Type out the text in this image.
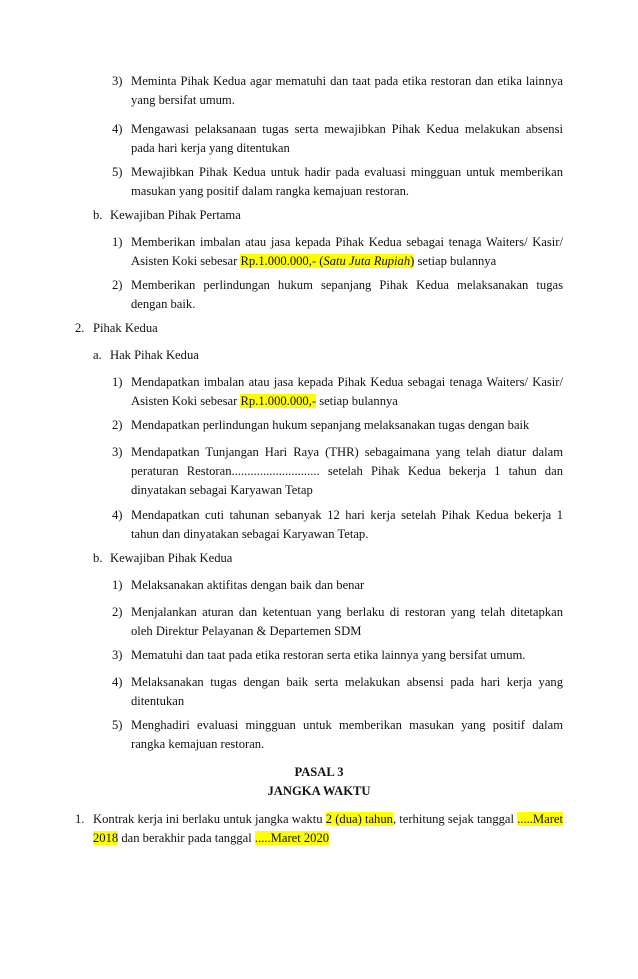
3) Meminta Pihak Kedua agar mematuhi dan taat pada etika restoran dan etika lainnya yang bersifat umum.
4) Mengawasi pelaksanaan tugas serta mewajibkan Pihak Kedua melakukan absensi pada hari kerja yang ditentukan
5) Mewajibkan Pihak Kedua untuk hadir pada evaluasi mingguan untuk memberikan masukan yang positif dalam rangka kemajuan restoran.
b. Kewajiban Pihak Pertama
1) Memberikan imbalan atau jasa kepada Pihak Kedua sebagai tenaga Waiters/ Kasir/ Asisten Koki sebesar Rp.1.000.000,- (Satu Juta Rupiah) setiap bulannya
2) Memberikan perlindungan hukum sepanjang Pihak Kedua melaksanakan tugas dengan baik.
2. Pihak Kedua
a. Hak Pihak Kedua
1) Mendapatkan imbalan atau jasa kepada Pihak Kedua sebagai tenaga Waiters/ Kasir/ Asisten Koki sebesar Rp.1.000.000,- setiap bulannya
2) Mendapatkan perlindungan hukum sepanjang melaksanakan tugas dengan baik
3) Mendapatkan Tunjangan Hari Raya (THR) sebagaimana yang telah diatur dalam peraturan Restoran............................ setelah Pihak Kedua bekerja 1 tahun dan dinyatakan sebagai Karyawan Tetap
4) Mendapatkan cuti tahunan sebanyak 12 hari kerja setelah Pihak Kedua bekerja 1 tahun dan dinyatakan sebagai Karyawan Tetap.
b. Kewajiban Pihak Kedua
1) Melaksanakan aktifitas dengan baik dan benar
2) Menjalankan aturan dan ketentuan yang berlaku di restoran yang telah ditetapkan oleh Direktur Pelayanan & Departemen SDM
3) Mematuhi dan taat pada etika restoran serta etika lainnya yang bersifat umum.
4) Melaksanakan tugas dengan baik serta melakukan absensi pada hari kerja yang ditentukan
5) Menghadiri evaluasi mingguan untuk memberikan masukan yang positif dalam rangka kemajuan restoran.
PASAL 3
JANGKA WAKTU
1. Kontrak kerja ini berlaku untuk jangka waktu 2 (dua) tahun, terhitung sejak tanggal .....Maret 2018 dan berakhir pada tanggal .....Maret 2020
